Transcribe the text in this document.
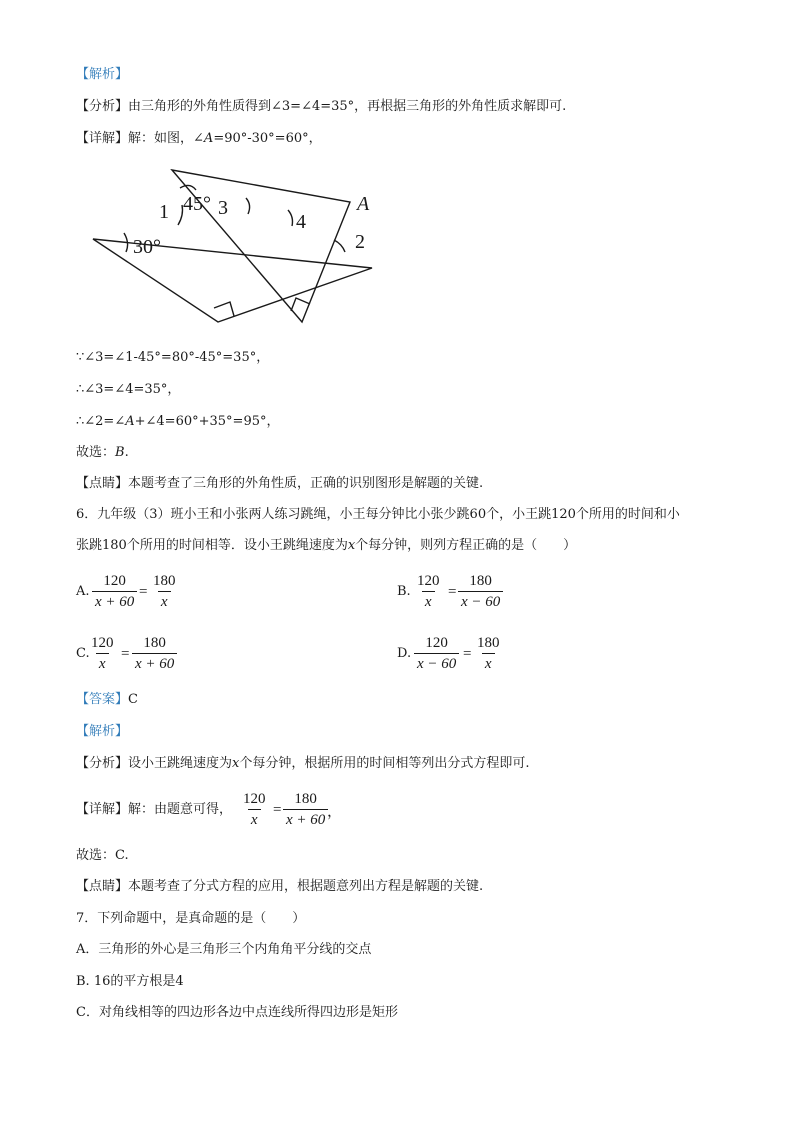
【解析】
【分析】由三角形的外角性质得到∠3=∠4=35°，再根据三角形的外角性质求解即可.
【详解】解：如图，∠A=90°-30°=60°，
45°
1 3
4
A
2
30°
∵∠3=∠1-45°=80°-45°=35°，
∴∠3=∠4=35°，
∴∠2=∠A+∠4=60°+35°=95°，
故选：B.
【点睛】本题考查了三角形的外角性质，正确的识别图形是解题的关键.
6．九年级（3）班小王和小张两人练习跳绳，小王每分钟比小张少跳60个，小王跳120个所用的时间和小
张跳180个所用的时间相等．设小王跳绳速度为x个每分钟，则列方程正确的是（　　）
A. $\frac{120}{x + 60} = \frac{180}{x}$	B. $\frac{120}{x} = \frac{180}{x - 60}$
C.
$\frac{120}{x} = \frac{180}{x + 60}$	D. $\frac{120}{x - 60} = \frac{180}{x}$
【答案】C
【解析】
【分析】设小王跳绳速度为x个每分钟，根据所用的时间相等列出分式方程即可.
【详解】解：由题意可得， $\frac{120}{x} = \frac{180}{x + 60}$
，
故选：C.
【点睛】本题考查了分式方程的应用，根据题意列出方程是解题的关键.
7．下列命题中，是真命题的是（　　）
A．三角形的外心是三角形三个内角角平分线的交点
B. 16的平方根是4
C．对角线相等的四边形各边中点连线所得四边形是矩形
